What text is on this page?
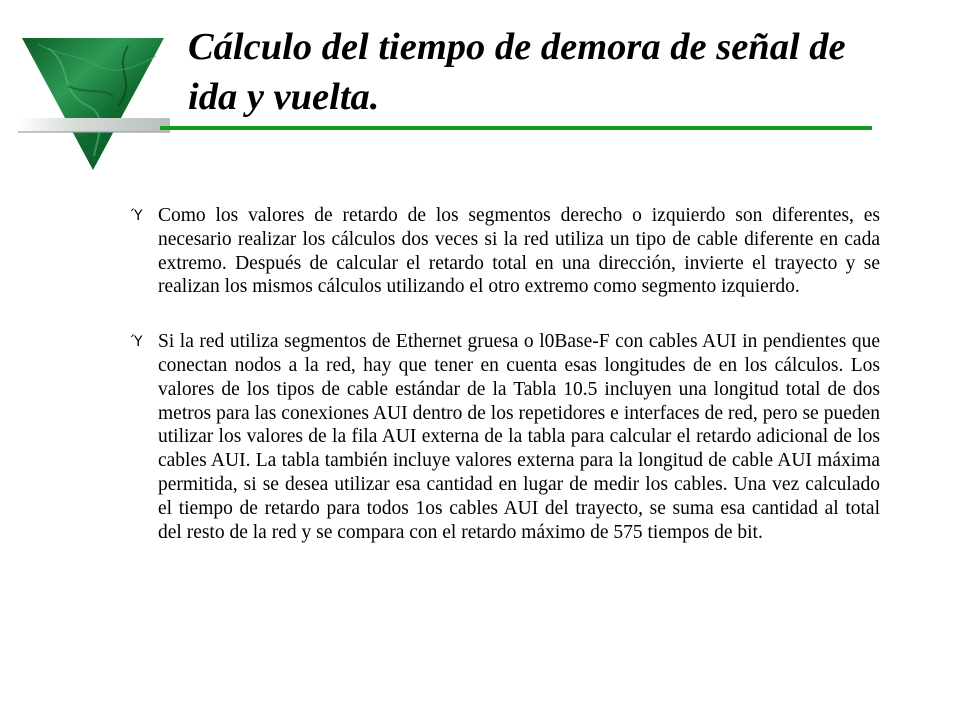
Cálculo del tiempo de demora de señal de ida y vuelta.
Ύ Como los valores de retardo de los segmentos derecho o izquierdo son diferentes, es necesario realizar los cálculos dos veces si la red utiliza un tipo de cable diferente en cada extremo. Después de calcular el retardo total en una dirección, invierte el trayecto y se realizan los mismos cálculos utilizando el otro extremo como segmento izquierdo.
Ύ Si la red utiliza segmentos de Ethernet gruesa o l0Base-F con cables AUI in pendientes que conectan nodos a la red, hay que tener en cuenta esas longitudes de en los cálculos. Los valores de los tipos de cable estándar de la Tabla 10.5 incluyen una longitud total de dos metros para las conexiones AUI dentro de los repetidores e interfaces de red, pero se pueden utilizar los valores de la fila AUI externa de la tabla para calcular el retardo adicional de los cables AUI. La tabla también incluye valores externa para la longitud de cable AUI máxima permitida, si se desea utilizar esa cantidad en lugar de medir los cables. Una vez calculado el tiempo de retardo para todos 1os cables AUI del trayecto, se suma esa cantidad al total del resto de la red y se compara con el retardo máximo de 575 tiempos de bit.
